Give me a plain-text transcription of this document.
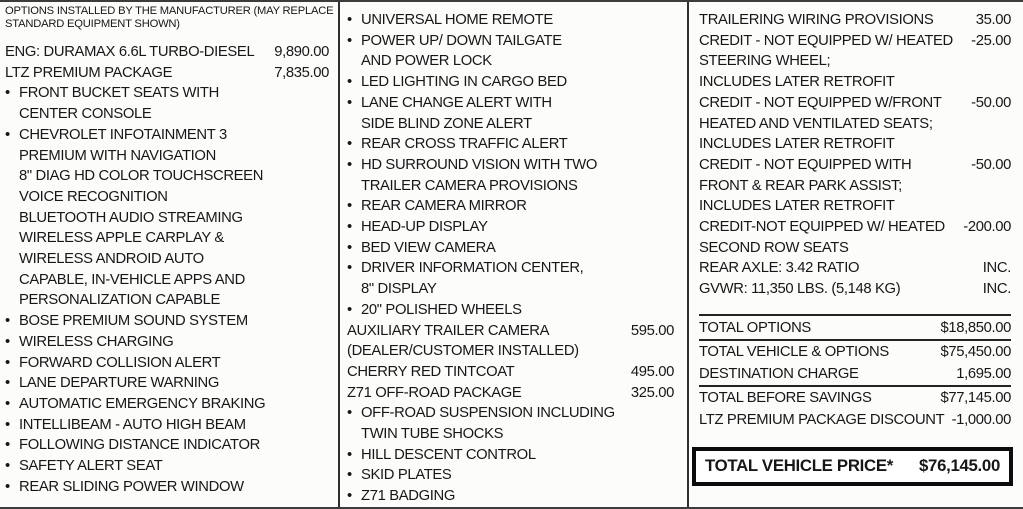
OPTIONS INSTALLED BY THE MANUFACTURER (MAY REPLACE
STANDARD EQUIPMENT SHOWN)
ENG: DURAMAX 6.6L TURBO-DIESEL 9,890.00
LTZ PREMIUM PACKAGE	7,835.00
• FRONT BUCKET SEATS WITH
CENTER CONSOLE
• CHEVROLET INFOTAINMENT 3
PREMIUM WITH NAVIGATION
8" DIAG HD COLOR TOUCHSCREEN
VOICE RECOGNITION
BLUETOOTH AUDIO STREAMING
WIRELESS APPLE CARPLAY &
WIRELESS ANDROID AUTO
CAPABLE, IN-VEHICLE APPS AND
PERSONALIZATION CAPABLE
• BOSE PREMIUM SOUND SYSTEM
• WIRELESS CHARGING
• FORWARD COLLISION ALERT
• LANE DEPARTURE WARNING
• AUTOMATIC EMERGENCY BRAKING
• INTELLIBEAM - AUTO HIGH BEAM
• FOLLOWING DISTANCE INDICATOR
• SAFETY ALERT SEAT
• REAR SLIDING POWER WINDOW
• UNIVERSAL HOME REMOTE
• POWER UP/ DOWN TAILGATE
AND POWER LOCK
• LED LIGHTING IN CARGO BED
• LANE CHANGE ALERT WITH
SIDE BLIND ZONE ALERT
• REAR CROSS TRAFFIC ALERT
• HD SURROUND VISION WITH TWO
TRAILER CAMERA PROVISIONS
• REAR CAMERA MIRROR
• HEAD-UP DISPLAY
• BED VIEW CAMERA
• DRIVER INFORMATION CENTER,
8" DISPLAY
• 20" POLISHED WHEELS
AUXILIARY TRAILER CAMERA	595.00
(DEALER/CUSTOMER INSTALLED)
CHERRY RED TINTCOAT	495.00
Z71 OFF-ROAD PACKAGE	325.00
• OFF-ROAD SUSPENSION INCLUDING
TWIN TUBE SHOCKS
• HILL DESCENT CONTROL
• SKID PLATES
• Z71 BADGING
TRAILERING WIRING PROVISIONS	35.00
CREDIT - NOT EQUIPPED W/ HEATED -25.00
STEERING WHEEL;
INCLUDES LATER RETROFIT
CREDIT - NOT EQUIPPED W/FRONT -50.00
HEATED AND VENTILATED SEATS;
INCLUDES LATER RETROFIT
CREDIT - NOT EQUIPPED WITH	-50.00
FRONT & REAR PARK ASSIST;
INCLUDES LATER RETROFIT
CREDIT-NOT EQUIPPED W/ HEATED -200.00
SECOND ROW SEATS
REAR AXLE: 3.42 RATIO	INC.
GVWR: 11,350 LBS. (5,148 KG)	INC.
TOTAL OPTIONS	$18,850.00
TOTAL VEHICLE & OPTIONS	$75,450.00
DESTINATION CHARGE	1,695.00
TOTAL BEFORE SAVINGS	$77,145.00
LTZ PREMIUM PACKAGE DISCOUNT -1,000.00
TOTAL VEHICLE PRICE* $76,145.00
